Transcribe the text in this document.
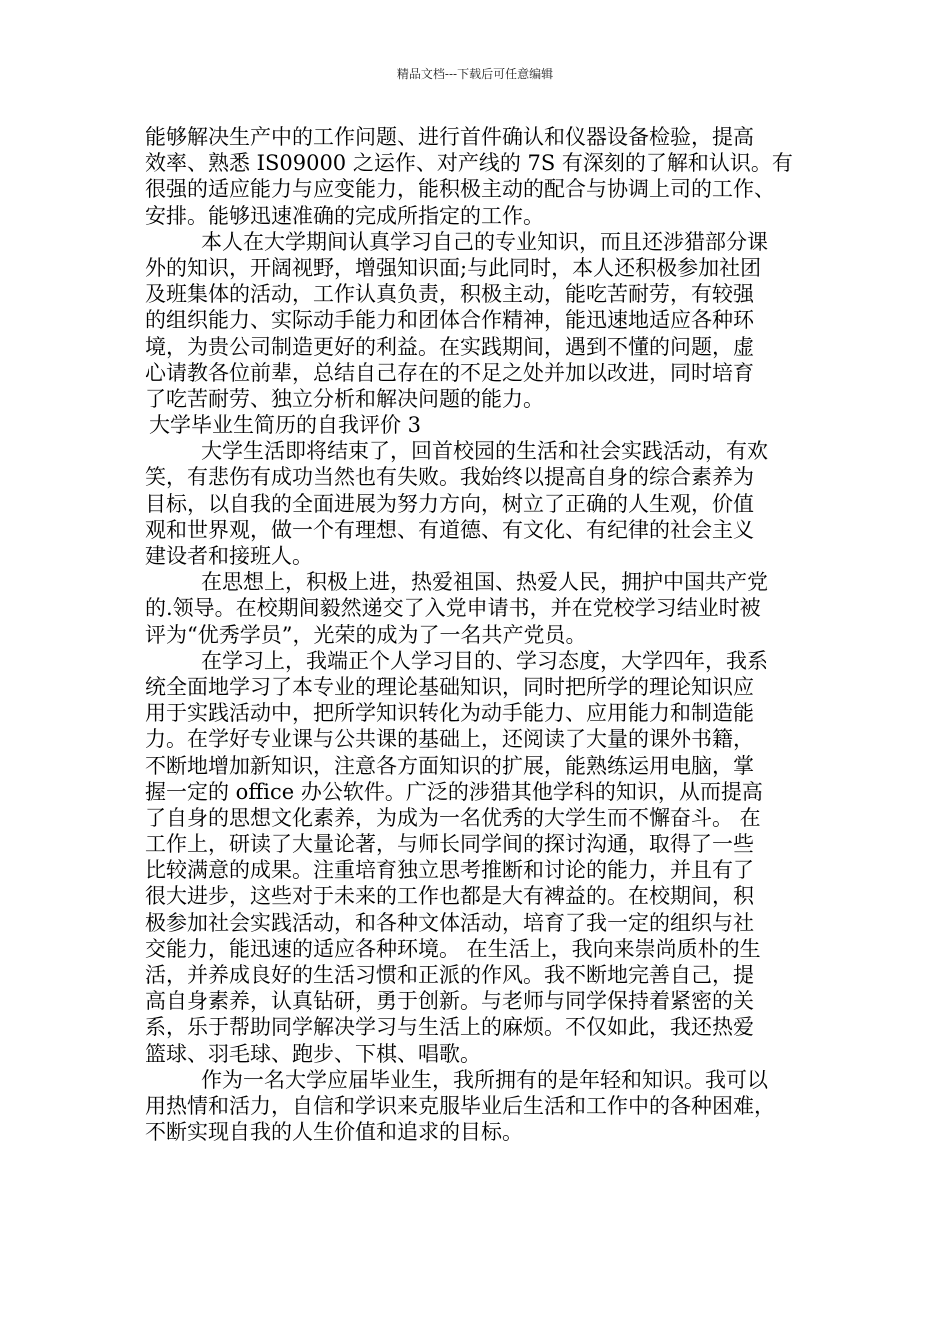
精品文档---下载后可任意编辑
能够解决生产中的工作问题、进行首件确认和仪器设备检验，提高
效率、熟悉 IS09000 之运作、对产线的 7S 有深刻的了解和认识。有
很强的适应能力与应变能力，能积极主动的配合与协调上司的工作、
安排。能够迅速准确的完成所指定的工作。
本人在大学期间认真学习自己的专业知识，而且还涉猎部分课
外的知识，开阔视野，增强知识面;与此同时，本人还积极参加社团
及班集体的活动，工作认真负责，积极主动，能吃苦耐劳，有较强
的组织能力、实际动手能力和团体合作精神，能迅速地适应各种环
境，为贵公司制造更好的利益。在实践期间，遇到不懂的问题，虚
心请教各位前辈，总结自己存在的不足之处并加以改进，同时培育
了吃苦耐劳、独立分析和解决问题的能力。
大学毕业生简历的自我评价 3
大学生活即将结束了，回首校园的生活和社会实践活动，有欢
笑，有悲伤有成功当然也有失败。我始终以提高自身的综合素养为
目标，以自我的全面进展为努力方向，树立了正确的人生观，价值
观和世界观，做一个有理想、有道德、有文化、有纪律的社会主义
建设者和接班人。
在思想上，积极上进，热爱祖国、热爱人民，拥护中国共产党
的.领导。在校期间毅然递交了入党申请书，并在党校学习结业时被
评为“优秀学员”，光荣的成为了一名共产党员。
在学习上，我端正个人学习目的、学习态度，大学四年，我系
统全面地学习了本专业的理论基础知识，同时把所学的理论知识应
用于实践活动中，把所学知识转化为动手能力、应用能力和制造能
力。在学好专业课与公共课的基础上，还阅读了大量的课外书籍，
不断地增加新知识，注意各方面知识的扩展，能熟练运用电脑，掌
握一定的 office 办公软件。广泛的涉猎其他学科的知识，从而提高
了自身的思想文化素养，为成为一名优秀的大学生而不懈奋斗。 在
工作上，研读了大量论著，与师长同学间的探讨沟通，取得了一些
比较满意的成果。注重培育独立思考推断和讨论的能力，并且有了
很大进步，这些对于未来的工作也都是大有裨益的。在校期间，积
极参加社会实践活动，和各种文体活动，培育了我一定的组织与社
交能力，能迅速的适应各种环境。 在生活上，我向来崇尚质朴的生
活，并养成良好的生活习惯和正派的作风。我不断地完善自己，提
高自身素养，认真钻研，勇于创新。与老师与同学保持着紧密的关
系，乐于帮助同学解决学习与生活上的麻烦。不仅如此，我还热爱
篮球、羽毛球、跑步、下棋、唱歌。
作为一名大学应届毕业生，我所拥有的是年轻和知识。我可以
用热情和活力，自信和学识来克服毕业后生活和工作中的各种困难，
不断实现自我的人生价值和追求的目标。
